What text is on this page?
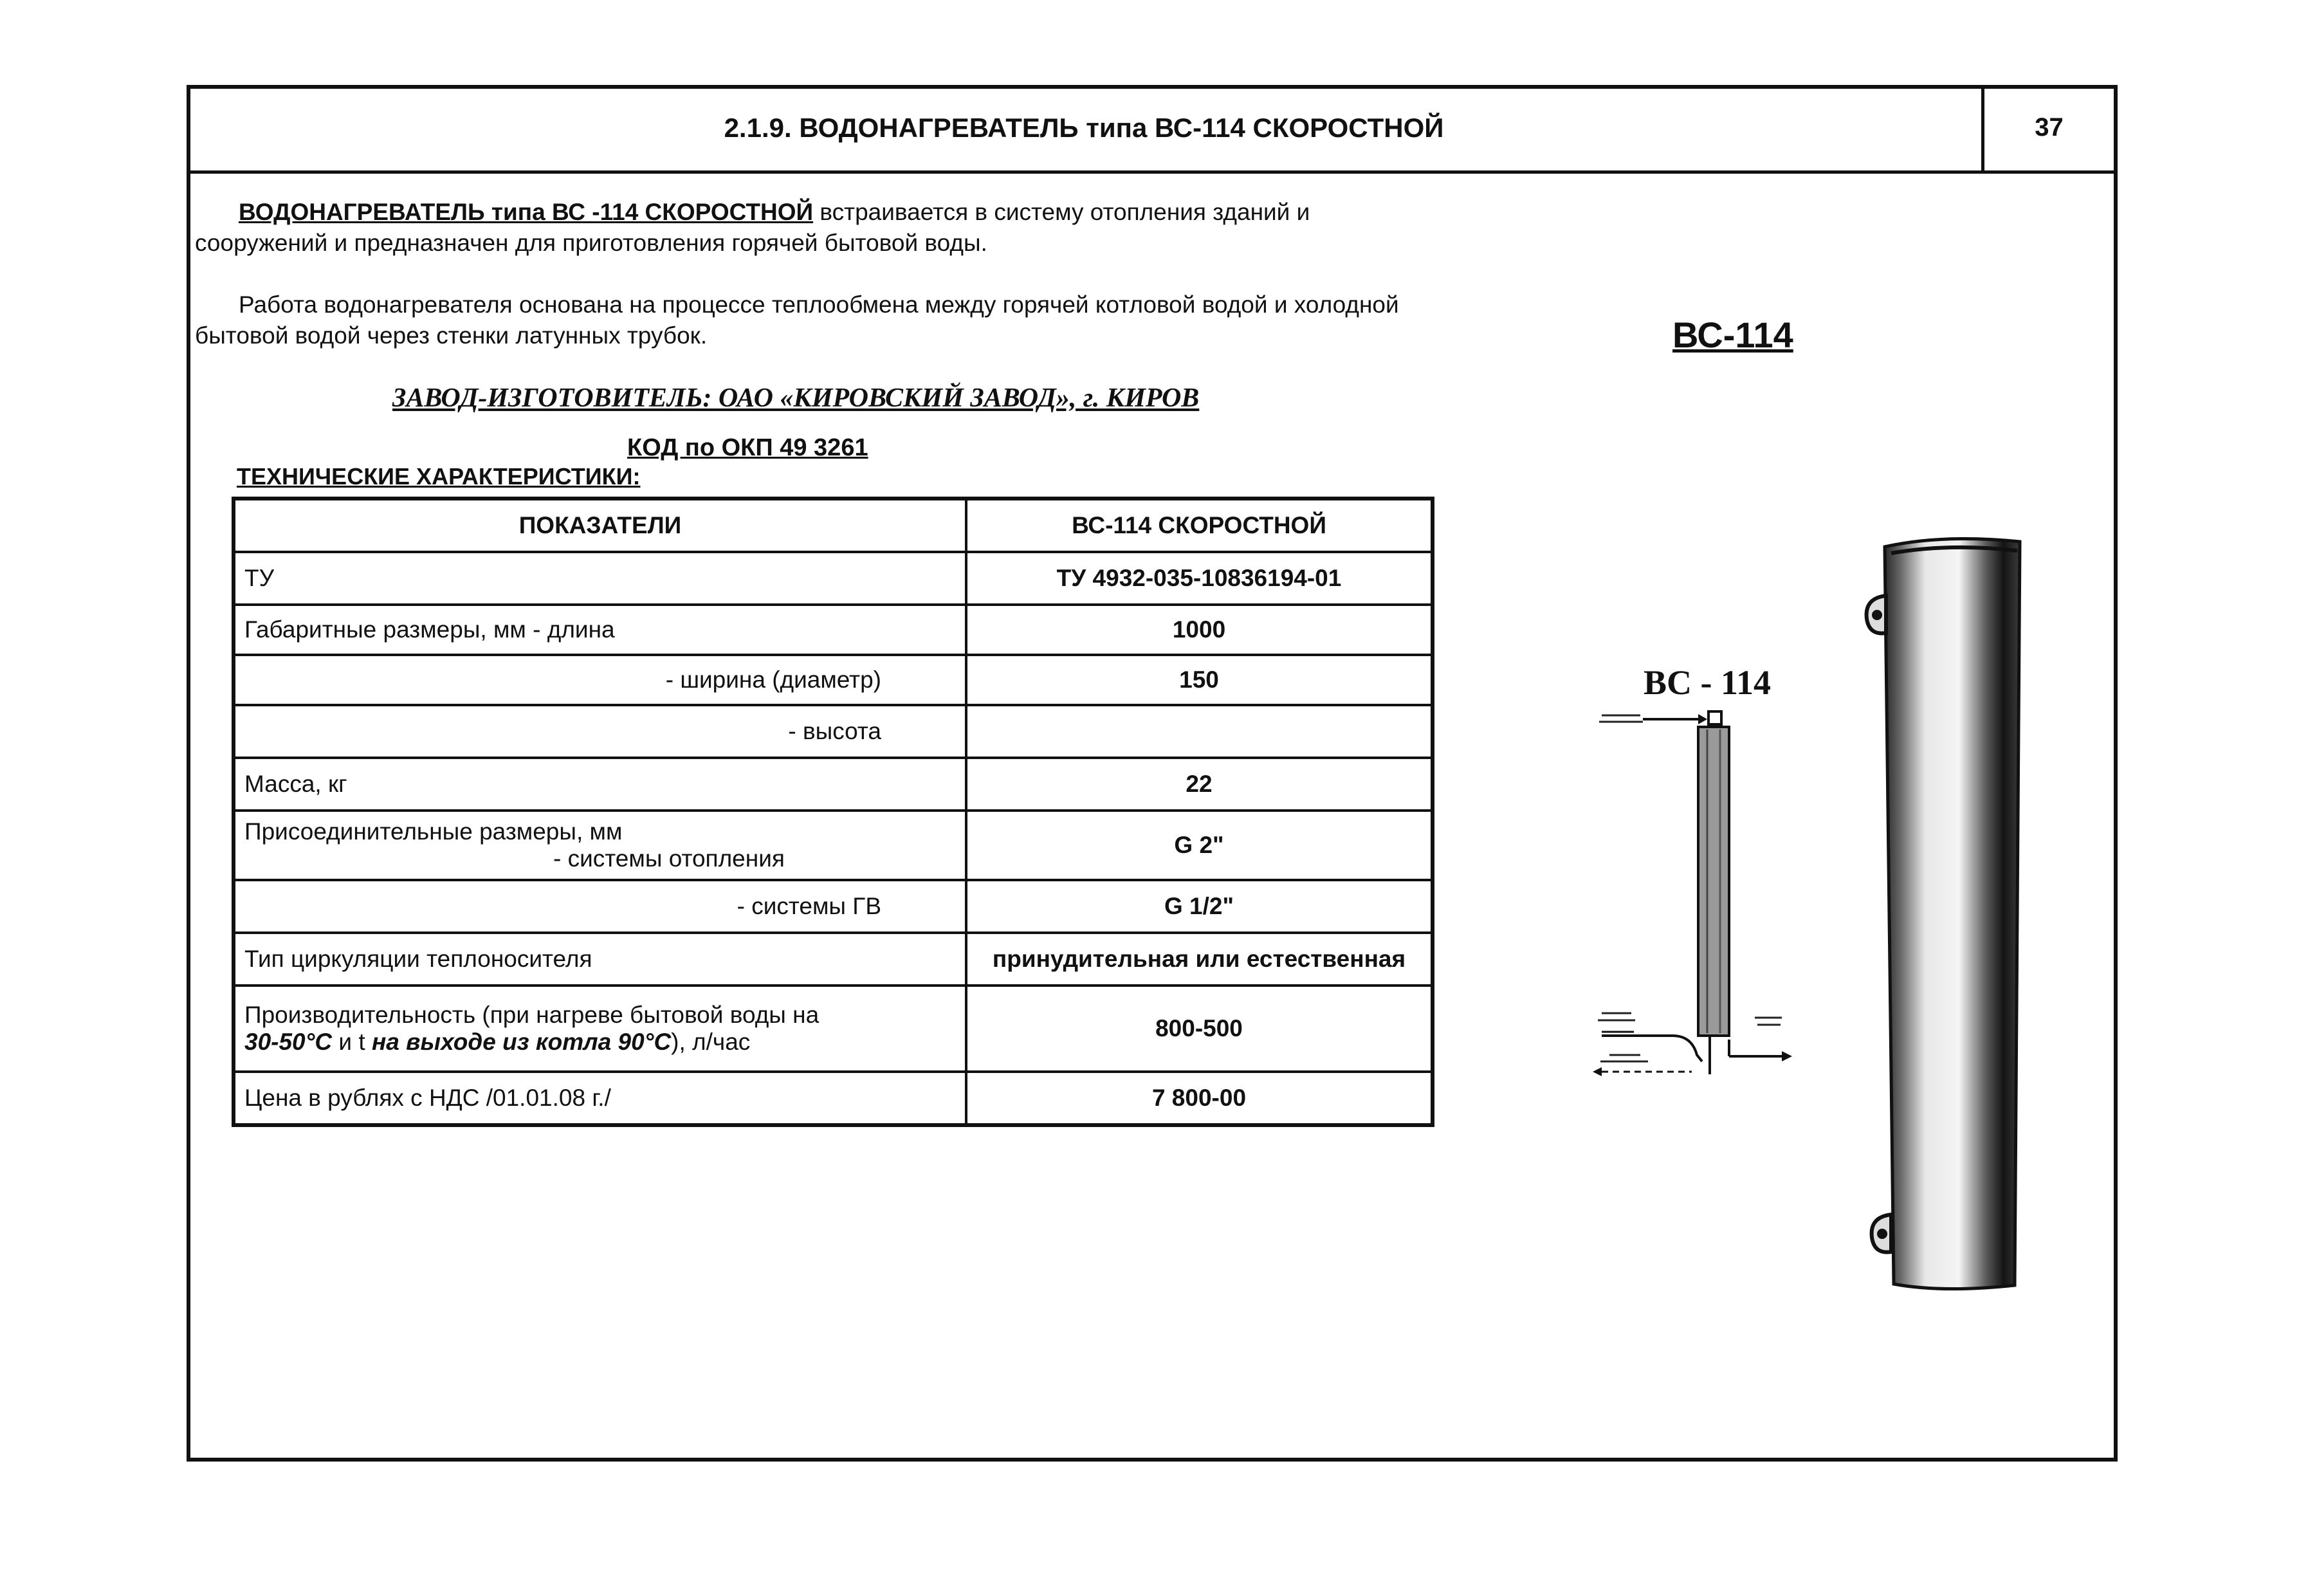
2.1.9. ВОДОНАГРЕВАТЕЛЬ типа ВС-114 СКОРОСТНОЙ	37
ВОДОНАГРЕВАТЕЛЬ типа ВС -114 СКОРОСТНОЙ встраивается в систему отопления зданий и сооружений и предназначен для приготовления горячей бытовой воды.
Работа водонагревателя основана на процессе теплообмена между горячей котловой водой и холодной бытовой водой через стенки латунных трубок.	ВС-114
ЗАВОД-ИЗГОТОВИТЕЛЬ: ОАО «КИРОВСКИЙ ЗАВОД», г. КИРОВ
КОД по ОКП 49 3261
ТЕХНИЧЕСКИЕ ХАРАКТЕРИСТИКИ:
ПОКАЗАТЕЛИ	ВС-114 СКОРОСТНОЙ
ТУ	ТУ 4932-035-10836194-01
Габаритные размеры, мм - длина	1000
- ширина (диаметр)	150
- высота	
Масса, кг	22

Присоединительные размеры, мм
- системы отопления	G 2"
- системы ГВ	G 1/2"
Тип циркуляции теплоносителя	принудительная или естественная

Производительность (при нагреве бытовой воды на
30-50°С и t на выходе из котла 90°С), л/час	800-500
Цена в рублях с НДС /01.01.08 г./	7 800-00
ВС - 114
